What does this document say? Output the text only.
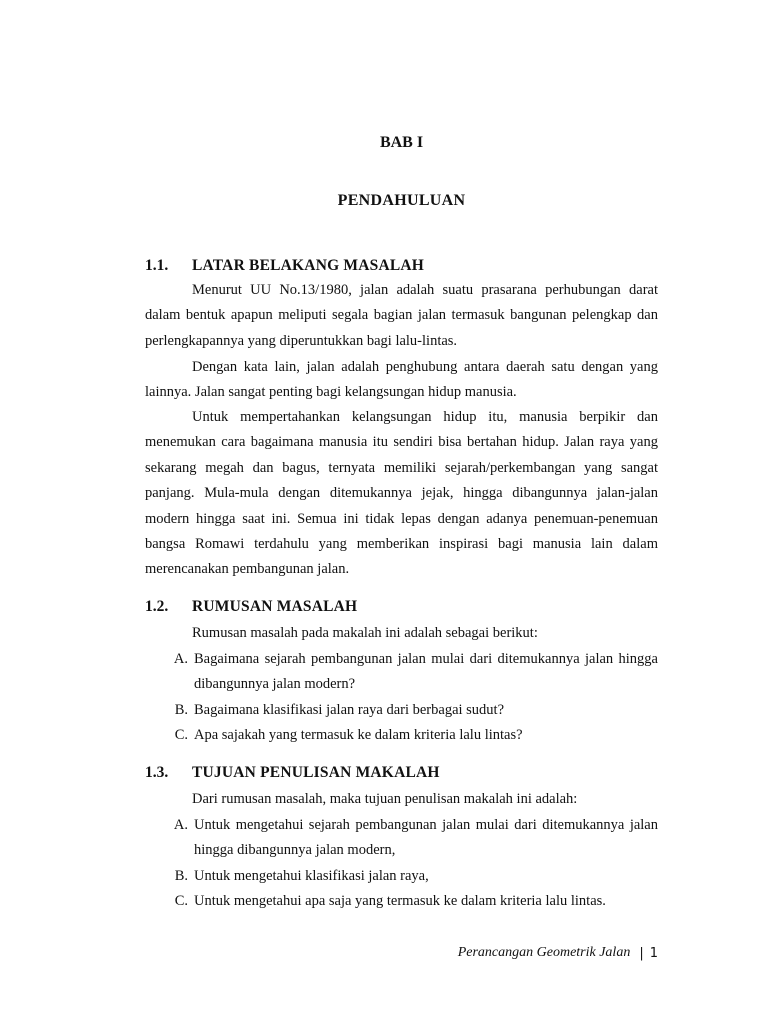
BAB I
PENDAHULUAN
1.1.	LATAR BELAKANG MASALAH

Menurut UU No.13/1980, jalan adalah suatu prasarana perhubungan darat dalam bentuk apapun meliputi segala bagian jalan termasuk bangunan pelengkap dan perlengkapannya yang diperuntukkan bagi lalu-lintas.

Dengan kata lain, jalan adalah penghubung antara daerah satu dengan yang lainnya. Jalan sangat penting bagi kelangsungan hidup manusia.

Untuk mempertahankan kelangsungan hidup itu, manusia berpikir dan menemukan cara bagaimana manusia itu sendiri bisa bertahan hidup. Jalan raya yang sekarang megah dan bagus, ternyata memiliki sejarah/perkembangan yang sangat panjang. Mula-mula dengan ditemukannya jejak, hingga dibangunnya jalan-jalan modern hingga saat ini. Semua ini tidak lepas dengan adanya penemuan-penemuan bangsa Romawi terdahulu yang memberikan inspirasi bagi manusia lain dalam merencanakan pembangunan jalan.

1.2.	RUMUSAN MASALAH

Rumusan masalah pada makalah ini adalah sebagai berikut:

A. Bagaimana sejarah pembangunan jalan mulai dari ditemukannya jalan hingga dibangunnya jalan modern?
B. Bagaimana klasifikasi jalan raya dari berbagai sudut?
C. Apa sajakah yang termasuk ke dalam kriteria lalu lintas?
1.3.	TUJUAN PENULISAN MAKALAH

Dari rumusan masalah, maka tujuan penulisan makalah ini adalah:

A. Untuk mengetahui sejarah pembangunan jalan mulai dari ditemukannya jalan hingga dibangunnya jalan modern,
B. Untuk mengetahui klasifikasi jalan raya,
C. Untuk mengetahui apa saja yang termasuk ke dalam kriteria lalu lintas.
Perancangan Geometrik Jalan | 1
